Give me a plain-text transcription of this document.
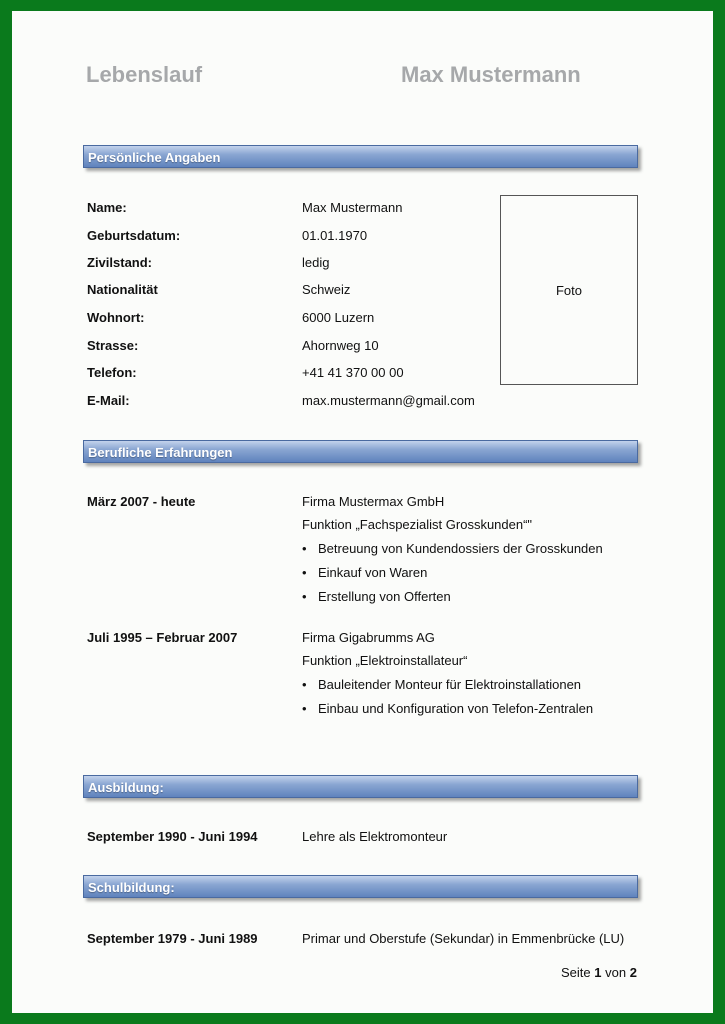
Lebenslauf	Max Mustermann
Persönliche Angaben
Name:	Max Mustermann
Geburtsdatum:	01.01.1970
Zivilstand:	ledig
Nationalität	Schweiz
Wohnort:	6000 Luzern
Strasse:	Ahornweg 10
Telefon:	+41 41 370 00 00
E-Mail:	max.mustermann@gmail.com
Foto
Berufliche Erfahrungen
März 2007 - heute	Firma Mustermax GmbH
Funktion „Fachspezialist Grosskunden“"
• Betreuung von Kundendossiers der Grosskunden
• Einkauf von Waren
• Erstellung von Offerten
Juli 1995 – Februar 2007	Firma Gigabrumms AG
Funktion „Elektroinstallateur“
• Bauleitender Monteur für Elektroinstallationen
• Einbau und Konfiguration von Telefon-Zentralen
Ausbildung:
September 1990 - Juni 1994	Lehre als Elektromonteur
Schulbildung:
September 1979 - Juni 1989	Primar und Oberstufe (Sekundar) in Emmenbrücke (LU)
Seite 1 von 2
